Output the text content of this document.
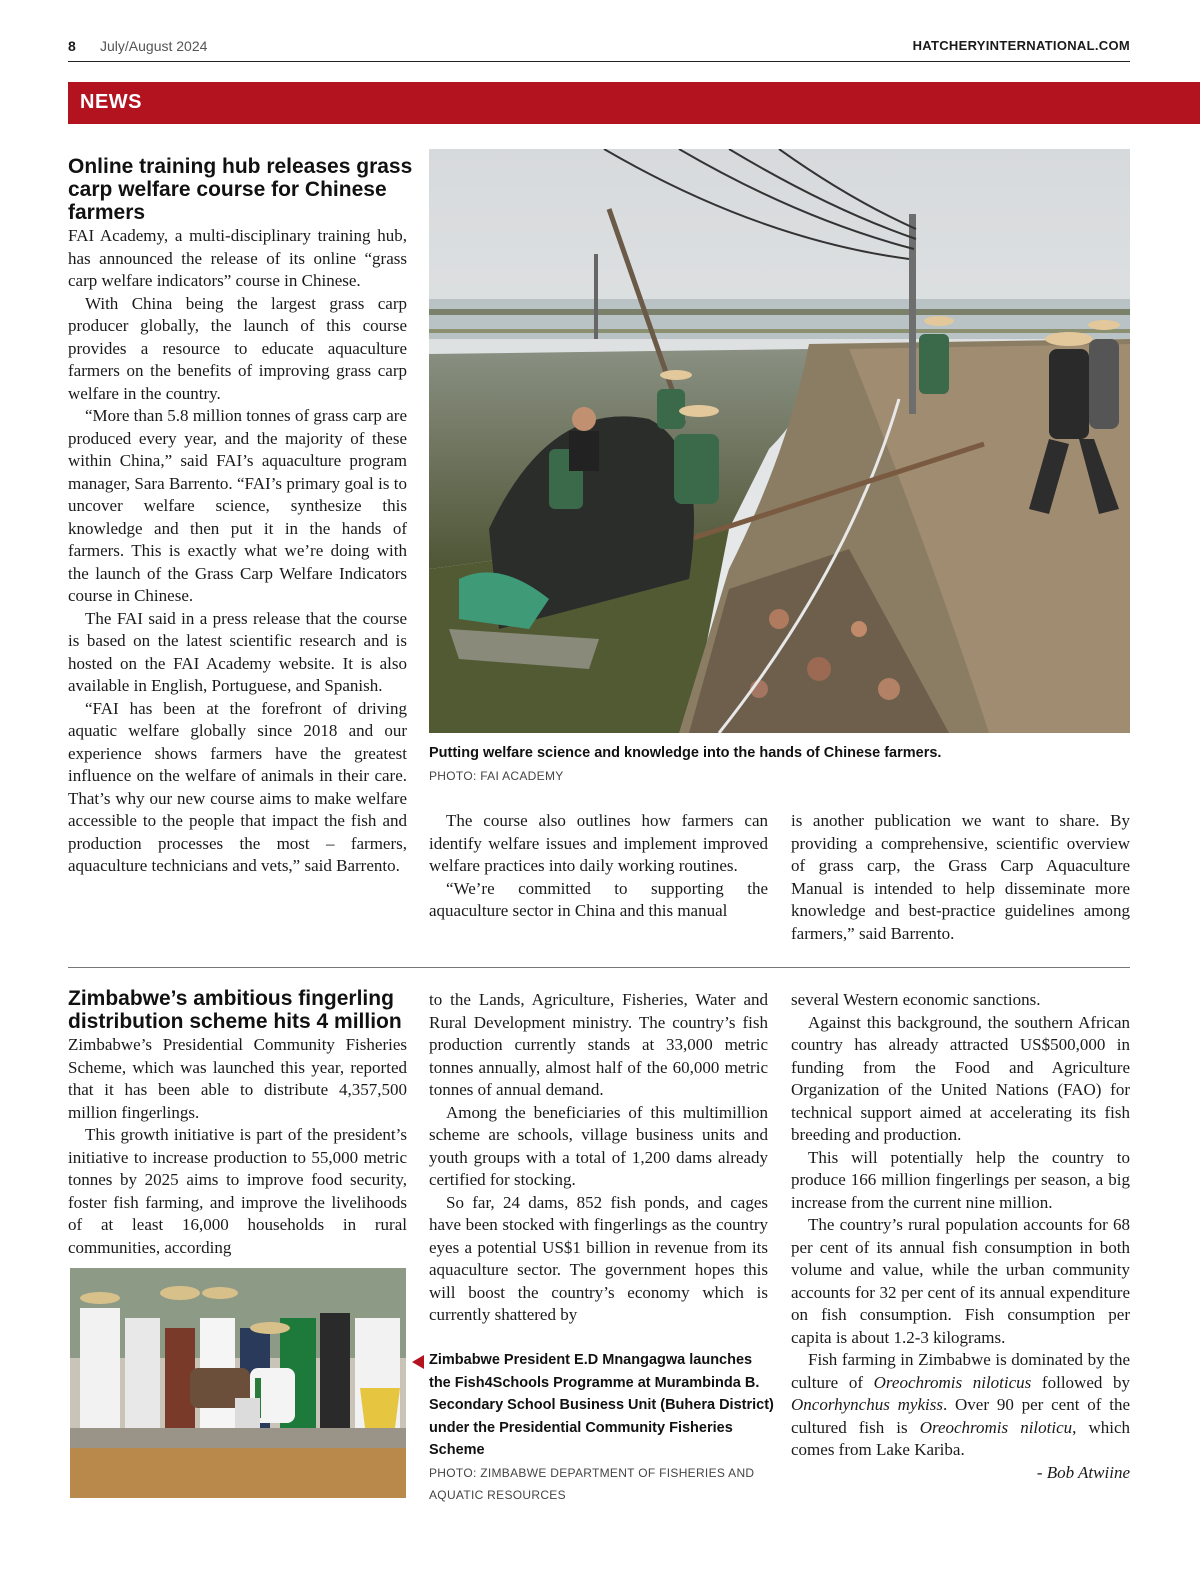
8 July/August 2024	HATCHERYINTERNATIONAL.COM
NEWS
Online training hub releases grass carp welfare course for Chinese farmers

FAI Academy, a multi-disciplinary training hub, has announced the release of its online “grass carp welfare indicators” course in Chinese.

With China being the largest grass carp producer globally, the launch of this course provides a resource to educate aquaculture farmers on the benefits of improving grass carp welfare in the country.

“More than 5.8 million tonnes of grass carp are produced every year, and the majority of these within China,” said FAI’s aquaculture program manager, Sara Barrento. “FAI’s primary goal is to uncover welfare science, synthesize this knowledge and then put it in the hands of farmers. This is exactly what we’re doing with the launch of the Grass Carp Welfare Indicators course in Chinese.

The FAI said in a press release that the course is based on the latest scientific research and is hosted on the FAI Academy website. It is also available in English, Portuguese, and Spanish.

“FAI has been at the forefront of driving aquatic welfare globally since 2018 and our experience shows farmers have the greatest influence on the welfare of animals in their care. That’s why our new course aims to make welfare accessible to the people that impact the fish and production processes the most – farmers, aquaculture technicians and vets,” said Barrento.

Putting welfare science and knowledge into the hands of Chinese farmers.
PHOTO: FAI ACADEMY

The course also outlines how farmers can identify welfare issues and implement improved welfare practices into daily working routines.

“We’re committed to supporting the aquaculture sector in China and this manual

is another publication we want to share. By providing a comprehensive, scientific overview of grass carp, the Grass Carp Aquaculture Manual is intended to help disseminate more knowledge and best-practice guidelines among farmers,” said Barrento.

Zimbabwe’s ambitious fingerling distribution scheme hits 4 million

Zimbabwe’s Presidential Community Fisheries Scheme, which was launched this year, reported that it has been able to distribute 4,357,500 million fingerlings.

This growth initiative is part of the president’s initiative to increase production to 55,000 metric tonnes by 2025 aims to improve food security, foster fish farming, and improve the livelihoods of at least 16,000 households in rural communities, according

to the Lands, Agriculture, Fisheries, Water and Rural Development ministry. The country’s fish production currently stands at 33,000 metric tonnes annually, almost half of the 60,000 metric tonnes of annual demand.

Among the beneficiaries of this multimillion scheme are schools, village business units and youth groups with a total of 1,200 dams already certified for stocking.

So far, 24 dams, 852 fish ponds, and cages have been stocked with fingerlings as the country eyes a potential US$1 billion in revenue from its aquaculture sector. The government hopes this will boost the country’s economy which is currently shattered by

Zimbabwe President E.D Mnangagwa launches the Fish4Schools Programme at Murambinda B. Secondary School Business Unit (Buhera District) under the Presidential Community Fisheries Scheme
PHOTO: ZIMBABWE DEPARTMENT OF FISHERIES AND AQUATIC RESOURCES

several Western economic sanctions.

Against this background, the southern African country has already attracted US$500,000 in funding from the Food and Agriculture Organization of the United Nations (FAO) for technical support aimed at accelerating its fish breeding and production.

This will potentially help the country to produce 166 million fingerlings per season, a big increase from the current nine million.

The country’s rural population accounts for 68 per cent of its annual fish consumption in both volume and value, while the urban community accounts for 32 per cent of its annual expenditure on fish consumption. Fish consumption per capita is about 1.2-3 kilograms.

Fish farming in Zimbabwe is dominated by the culture of Oreochromis niloticus followed by Oncorhynchus mykiss. Over 90 per cent of the cultured fish is Oreochromis niloticu, which comes from Lake Kariba.

- Bob Atwiine
